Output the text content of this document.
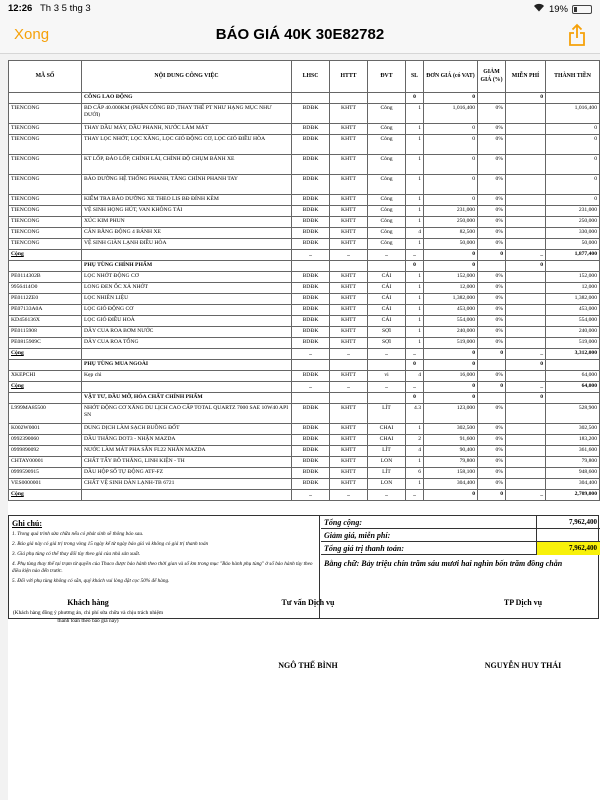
12:26 Th 3 5 thg 3	19%
Xong	BÁO GIÁ 40K 30E82782
MÃ SỐ	NỘI DUNG CÔNG VIỆC	LHSC	HTTT	ĐVT	SL	ĐƠN GIÁ (có VAT)	GIẢM GIÁ (%)	MIỄN PHÍ	THÀNH TIỀN
	CÔNG LAO ĐỘNG				0	0		0	
TIENCONG	BD CẤP 40.000KM (PHẦN CÔNG BD ,THAY THẾ PT NHƯ HẠNG MỤC NHƯ DƯỚI)	BDĐK	KHTT	Công	1	1,016,400	0%		1,016,400
TIENCONG	THAY DẦU MÁY, DẦU PHANH, NƯỚC LÀM MÁT	BDĐK	KHTT	Công	1	0	0%		0
TIENCONG	THAY LỌC NHỚT, LỌC XĂNG, LỌC GIÓ ĐỘNG CƠ, LỌC GIÓ ĐIỀU HÒA	BDĐK	KHTT	Công	1	0	0%		0
TIENCONG	KT LỐP, ĐẢO LỐP, CHỈNH LÁI, CHỈNH ĐỘ CHỤM BÁNH XE	BDĐK	KHTT	Công	1	0	0%		0
TIENCONG	BẢO DƯỠNG HỆ THỐNG PHANH, TĂNG CHỈNH PHANH TAY	BDĐK	KHTT	Công	1	0	0%		0
TIENCONG	KIỂM TRA BẢO DƯỠNG XE THEO LIS BĐ ĐÍNH KÈM	BDĐK	KHTT	Công	1	0	0%		0
TIENCONG	VỆ SINH HỌNG HÚT, VAN KHÔNG TẢI	BDĐK	KHTT	Công	1	231,000	0%		231,000
TIENCONG	XÚC KIM PHUN	BDĐK	KHTT	Công	1	250,000	0%		250,000
TIENCONG	CÂN BẰNG ĐỘNG 4 BÁNH XE	BDĐK	KHTT	Công	4	82,500	0%		330,000
TIENCONG	VỆ SINH GIÀN LẠNH ĐIỀU HÒA	BDĐK	KHTT	Công	1	50,000	0%		50,000
Cộng		_	_	_	_	0	0	_	1,877,400
	PHỤ TÙNG CHÍNH PHẨM				0	0		0	
PE0114302B	LỌC NHỚT ĐỘNG CƠ	BDĐK	KHTT	CÁI	1	152,000	0%		152,000
9956414O0	LONG ĐEN ỐC XẢ NHỚT	BDĐK	KHTT	CÁI	1	12,000	0%		12,000
PE0112ZE0	LỌC NHIÊN LIỆU	BDĐK	KHTT	CÁI	1	1,382,000	0%		1,382,000
PE07133A0A	LỌC GIÓ ĐỘNG CƠ	BDĐK	KHTT	CÁI	1	453,000	0%		453,000
KD456136X	LỌC GIÓ ĐIỀU HOÀ	BDĐK	KHTT	CÁI	1	554,000	0%		554,000
PE0115908	DÂY CUA ROA BƠM NƯỚC	BDĐK	KHTT	SỢI	1	240,000	0%		240,000
PE0815909C	DÂY CUA ROA TỔNG	BDĐK	KHTT	SỢI	1	519,000	0%		519,000
Cộng		_	_	_	_	0	0	_	3,312,000
	PHỤ TÙNG MUA NGOÀI				0	0		0	
XKEPCHI	Kẹp chì	BDĐK	KHTT	vi	4	16,000	0%		64,000
Cộng		_	_	_	_	0	0	_	64,000
	VẬT TƯ, DẦU MỠ, HÓA CHẤT CHÍNH PHẨM				0	0		0	
L999MA85500	NHỚT ĐỘNG CƠ XĂNG DU LỊCH CAO CẤP TOTAL QUARTZ 7000 SAE 10W40 API SN	BDĐK	KHTT	LÍT	4.3	123,000	0%		528,900
K002W0001	DUNG DỊCH LÀM SẠCH BUỒNG ĐỐT	BDĐK	KHTT	CHAI	1	302,500	0%		302,500
0992390060	DẦU THẮNG DOT3 - NHẬN MAZDA	BDĐK	KHTT	CHAI	2	91,600	0%		183,200
0999890092	NƯỚC LÀM MÁT PHA SẴN FL22 NHÃN MAZDA	BDĐK	KHTT	LÍT	4	90,400	0%		361,600
CHTAY00001	CHẤT TẨY BÔ THẮNG, LINH KIỆN - TH	BDĐK	KHTT	LON	1	79,800	0%		79,800
0999590915	DẦU HỘP SỐ TỰ ĐỘNG ATF-FZ	BDĐK	KHTT	LÍT	6	158,100	0%		948,600
VES0000001	CHẤT VỆ SINH DÀN LẠNH-TB 6721	BDĐK	KHTT	LON	1	304,400	0%		304,400
Cộng		_	_	_	_	0	0	_	2,709,000
Ghi chú:
1. Trong quá trình sửa chữa nếu có phát sinh sẽ thông báo sau.
2. Báo giá này có giá trị trong vòng 15 ngày kể từ ngày báo giá và không có giá trị thanh toán
3. Giá phụ tùng có thể thay đổi tùy theo giá của nhà sản xuất.
4. Phụ tùng thay thế tại trạm từ quyền của Thaco được bảo hành theo thời gian và số km trong mục "Bảo hành phụ tùng" ở số bảo hành tùy theo điều kiện nào đến trước.
5. Đối với phụ tùng không có sẵn, quý khách vui lòng đặt cọc 50% để hàng.
Tổng cộng:	7,962,400
Giảm giá, miễn phí:
Tổng giá trị thanh toán:	7,962,400
Bằng chữ: Bảy triệu chín trăm sáu mươi hai nghìn bốn trăm đồng chẵn
Khách hàng
(Khách hàng đồng ý phương án, chi phí sửa chữa và chịu trách nhiệm thanh toán theo báo giá này)
Tư vấn Dịch vụ	TP Dịch vụ
NGÔ THẾ BÌNH	NGUYỄN HUY THÁI
